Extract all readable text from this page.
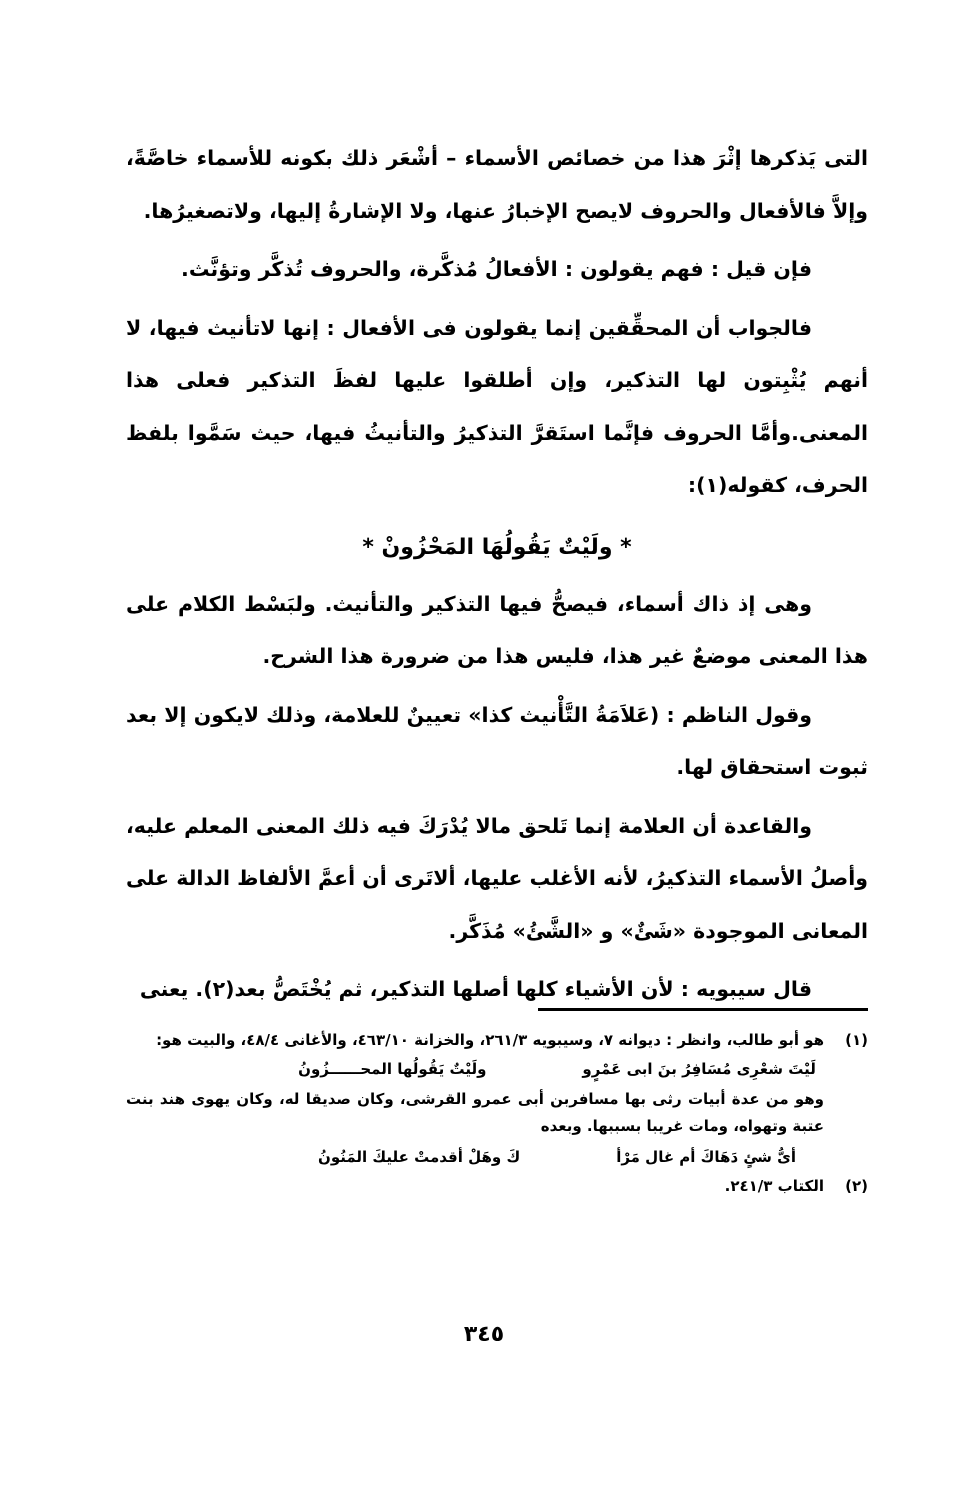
التى يَذكرها إثْرَ هذا من خصائص الأسماء – أشْعَر ذلك بكونه للأسماء خاصَّةً، وإلاَّ فالأفعال والحروف لايصح الإخبارُ عنها، ولا الإشارةُ إليها، ولاتصغيرُها.

فإن قيل : فهم يقولون : الأفعالُ مُذكَّرة، والحروف تُذكَّر وتؤنَّث.

فالجواب أن المحقِّقين إنما يقولون فى الأفعال : إنها لاتأنيث فيها، لا أنهم يُثْبِتون لها التذكير، وإن أطلقوا عليها لفظَ التذكير فعلى هذا المعنى.وأمَّا الحروف فإنَّما استَقرَّ التذكيرُ والتأنيثُ فيها، حيث سَمَّوا بلفظ الحرف، كقوله(١):

* ولَيْتٌ يَقُولُهَا المَحْزُونْ *

وهى إذ ذاك أسماء، فيصحُّ فيها التذكير والتأنيث. ولبَسْط الكلام على هذا المعنى موضعٌ غير هذا، فليس هذا من ضرورة هذا الشرح.

وقول الناظم : (عَلاَمَةُ التَّأْنيث كذا» تعيينٌ للعلامة، وذلك لايكون إلا بعد ثبوت استحقاق لها.

والقاعدة أن العلامة إنما تَلحق مالا يُدْرَكَ فيه ذلك المعنى المعلم عليه، وأصلُ الأسماء التذكيرُ، لأنه الأغلب عليها، ألاتَرى أن أعمَّ الألفاظ الدالة على المعانى الموجودة «شَئٌ» و «الشَّئُ» مُذَكَّر.

قال سيبويه : لأن الأشياء كلها أصلها التذكير، ثم يُخْتَصُّ بعد(٢). يعنى

(١)
هو أبو طالب، وانظر : ديوانه ٧، وسيبويه ٢٦١/٣، والخزانة ٤٦٣/١٠، والأغانى ٤٨/٤، والبيت هو:
لَيْتَ شعْرِى مُسَافِرُ بنَ ابى عَمْرٍو
ولَيْتٌ يَقُولُها المحــــــزُونُ

وهو من عدة أبيات رثى بها مسافربن أبى عمرو القرشى، وكان صديقا له، وكان يهوى هند بنت عتبة وتهواه، ومات غريبا بسببها. وبعده

أىُّ شئٍ دَهَاكَ أم غال مَرْأ
كَ وهَلْ أقدمتْ عليكَ المَنُونُ
(٢)
الكتاب ٢٤١/٣.
٣٤٥
